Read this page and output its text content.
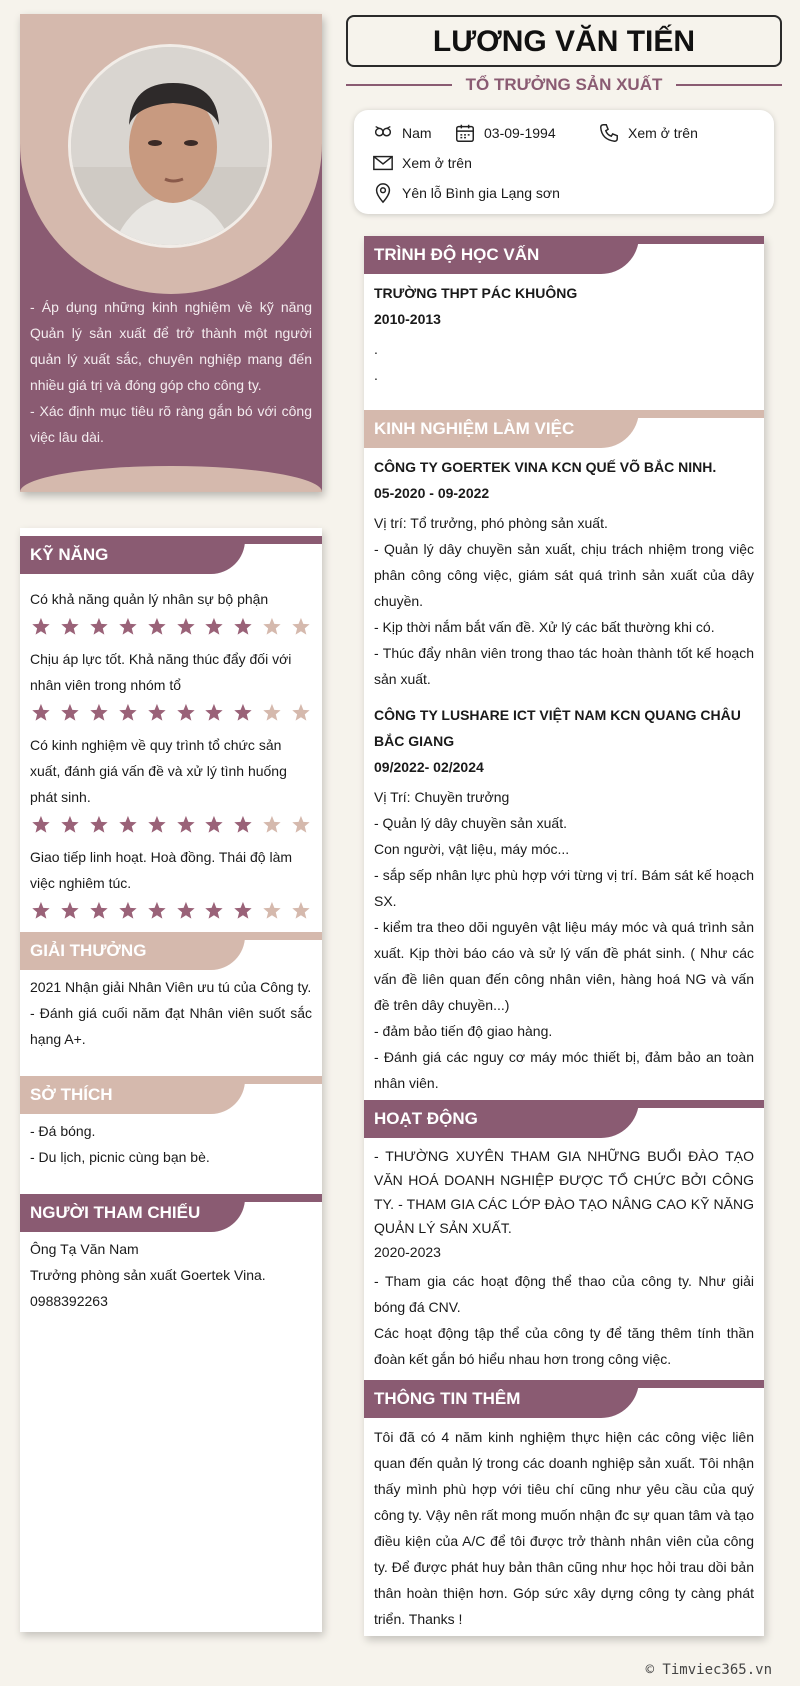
- Áp dụng những kinh nghiệm về kỹ năng Quản lý sản xuất để trở thành một người quản lý xuất sắc, chuyên nghiệp mang đến nhiều giá trị và đóng góp cho công ty.
- Xác định mục tiêu rõ ràng gắn bó với công việc lâu dài.
KỸ NĂNG
Có khả năng quản lý nhân sự bộ phận
Chịu áp lực tốt. Khả năng thúc đẩy đối với nhân viên trong nhóm tổ
Có kinh nghiệm về quy trình tổ chức sản xuất, đánh giá vấn đề và xử lý tình huống phát sinh.
Giao tiếp linh hoạt. Hoà đồng. Thái độ làm việc nghiêm túc.
GIẢI THƯỞNG
2021 Nhận giải Nhân Viên ưu tú của Công ty.
- Đánh giá cuối năm đạt Nhân viên suốt sắc hạng A+.
SỞ THÍCH
- Đá bóng.
- Du lịch, picnic cùng bạn bè.
NGƯỜI THAM CHIẾU
Ông Tạ Văn Nam
Trưởng phòng sản xuất Goertek Vina.
0988392263
LƯƠNG VĂN TIẾN
TỔ TRƯỞNG SẢN XUẤT
Nam	03-09-1994	Xem ở trên
Xem ở trên
Yên lỗ Bình gia Lạng sơn
TRÌNH ĐỘ HỌC VẤN
TRƯỜNG THPT PÁC KHUÔNG
2010-2013
.
.
KINH NGHIỆM LÀM VIỆC
CÔNG TY GOERTEK VINA KCN QUẾ VÕ BẮC NINH.
05-2020 - 09-2022
Vị trí: Tổ trưởng, phó phòng sản xuất.
- Quản lý dây chuyền sản xuất, chịu trách nhiệm trong việc phân công công việc, giám sát quá trình sản xuất của dây chuyền.
- Kịp thời nắm bắt vấn đề. Xử lý các bất thường khi có.
- Thúc đẩy nhân viên trong thao tác hoàn thành tốt kế hoạch sản xuất.
CÔNG TY LUSHARE ICT VIỆT NAM KCN QUANG CHÂU BẮC GIANG
09/2022- 02/2024
Vị Trí: Chuyền trưởng
- Quản lý dây chuyền sản xuất.
Con người, vật liệu, máy móc...
- sắp sếp nhân lực phù hợp với từng vị trí. Bám sát kế hoạch SX.
- kiểm tra theo dõi nguyên vật liệu máy móc và quá trình sản xuất. Kịp thời báo cáo và sử lý vấn đề phát sinh. ( Như các vấn đề liên quan đến công nhân viên, hàng hoá NG và vấn đề trên dây chuyền...)
- đảm bảo tiến độ giao hàng.
- Đánh giá các nguy cơ máy móc thiết bị, đảm bảo an toàn nhân viên.
HOẠT ĐỘNG
- THƯỜNG XUYÊN THAM GIA NHỮNG BUỔI ĐÀO TẠO VĂN HOÁ DOANH NGHIỆP ĐƯỢC TỔ CHỨC BỞI CÔNG TY. - THAM GIA CÁC LỚP ĐÀO TẠO NÂNG CAO KỸ NĂNG QUẢN LÝ SẢN XUẤT.
2020-2023
- Tham gia các hoạt động thể thao của công ty. Như giải bóng đá CNV.
Các hoạt động tập thể của công ty để tăng thêm tính thần đoàn kết gắn bó hiểu nhau hơn trong công việc.
THÔNG TIN THÊM
Tôi đã có 4 năm kinh nghiệm thực hiện các công việc liên quan đến quản lý trong các doanh nghiệp sản xuất. Tôi nhận thấy mình phù hợp với tiêu chí cũng như yêu cầu của quý công ty. Vậy nên rất mong muốn nhận đc sự quan tâm và tạo điều kiện của A/C để tôi được trở thành nhân viên của công ty. Để được phát huy bản thân cũng như học hỏi trau dồi bản thân hoàn thiện hơn. Góp sức xây dựng công ty càng phát triển. Thanks !
© Timviec365.vn
